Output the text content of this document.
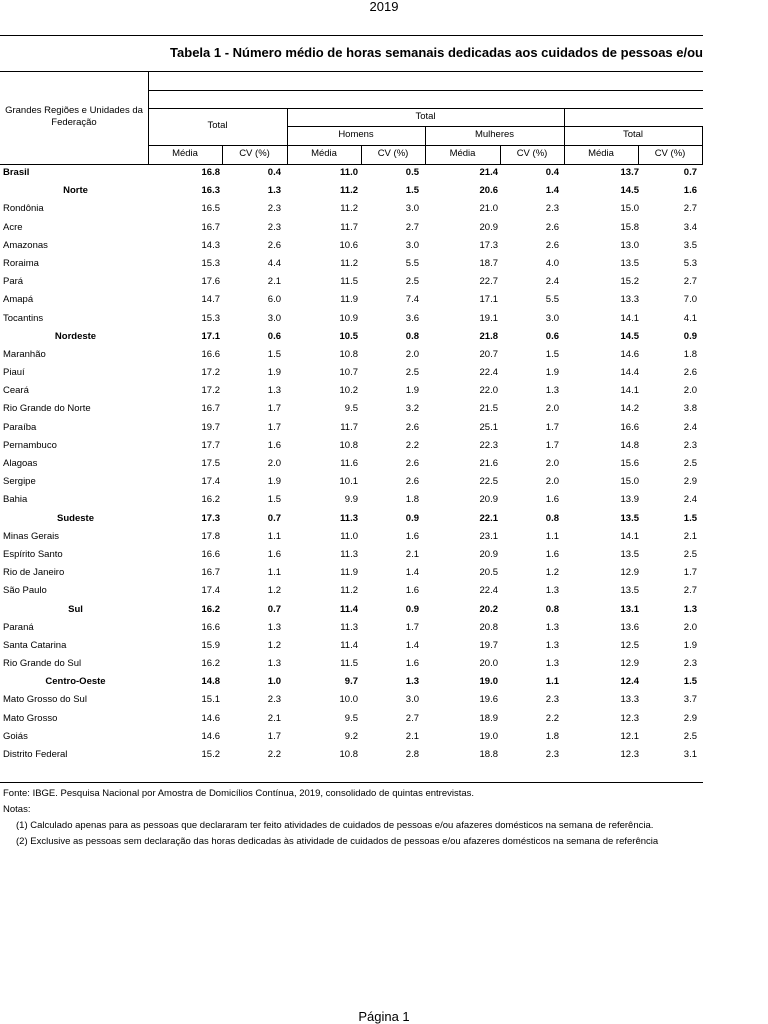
2019
Tabela 1 - Número médio de horas semanais dedicadas aos cuidados de pessoas e/ou
Grandes Regiões e Unidades da Federação	Total
Total
Homens	Mulheres	Total
Média	CV (%)	Média	CV (%)	Média	CV (%)	Média	CV (%)
Brasil	16.8	0.4	11.0	0.5	21.4	0.4	13.7	0.7
Norte	16.3	1.3	11.2	1.5	20.6	1.4	14.5	1.6
Rondônia	16.5	2.3	11.2	3.0	21.0	2.3	15.0	2.7
Acre	16.7	2.3	11.7	2.7	20.9	2.6	15.8	3.4
Amazonas	14.3	2.6	10.6	3.0	17.3	2.6	13.0	3.5
Roraima	15.3	4.4	11.2	5.5	18.7	4.0	13.5	5.3
Pará	17.6	2.1	11.5	2.5	22.7	2.4	15.2	2.7
Amapá	14.7	6.0	11.9	7.4	17.1	5.5	13.3	7.0
Tocantins	15.3	3.0	10.9	3.6	19.1	3.0	14.1	4.1
Nordeste	17.1	0.6	10.5	0.8	21.8	0.6	14.5	0.9
Maranhão	16.6	1.5	10.8	2.0	20.7	1.5	14.6	1.8
Piauí	17.2	1.9	10.7	2.5	22.4	1.9	14.4	2.6
Ceará	17.2	1.3	10.2	1.9	22.0	1.3	14.1	2.0
Rio Grande do Norte	16.7	1.7	9.5	3.2	21.5	2.0	14.2	3.8
Paraíba	19.7	1.7	11.7	2.6	25.1	1.7	16.6	2.4
Pernambuco	17.7	1.6	10.8	2.2	22.3	1.7	14.8	2.3
Alagoas	17.5	2.0	11.6	2.6	21.6	2.0	15.6	2.5
Sergipe	17.4	1.9	10.1	2.6	22.5	2.0	15.0	2.9
Bahia	16.2	1.5	9.9	1.8	20.9	1.6	13.9	2.4
Sudeste	17.3	0.7	11.3	0.9	22.1	0.8	13.5	1.5
Minas Gerais	17.8	1.1	11.0	1.6	23.1	1.1	14.1	2.1
Espírito Santo	16.6	1.6	11.3	2.1	20.9	1.6	13.5	2.5
Rio de Janeiro	16.7	1.1	11.9	1.4	20.5	1.2	12.9	1.7
São Paulo	17.4	1.2	11.2	1.6	22.4	1.3	13.5	2.7
Sul	16.2	0.7	11.4	0.9	20.2	0.8	13.1	1.3
Paraná	16.6	1.3	11.3	1.7	20.8	1.3	13.6	2.0
Santa Catarina	15.9	1.2	11.4	1.4	19.7	1.3	12.5	1.9
Rio Grande do Sul	16.2	1.3	11.5	1.6	20.0	1.3	12.9	2.3
Centro-Oeste	14.8	1.0	9.7	1.3	19.0	1.1	12.4	1.5
Mato Grosso do Sul	15.1	2.3	10.0	3.0	19.6	2.3	13.3	3.7
Mato Grosso	14.6	2.1	9.5	2.7	18.9	2.2	12.3	2.9
Goiás	14.6	1.7	9.2	2.1	19.0	1.8	12.1	2.5
Distrito Federal	15.2	2.2	10.8	2.8	18.8	2.3	12.3	3.1
Fonte: IBGE. Pesquisa Nacional por Amostra de Domicílios Contínua, 2019, consolidado de quintas entrevistas.
Notas:
(1) Calculado apenas para as pessoas que declararam ter feito atividades de cuidados de pessoas e/ou afazeres domésticos na semana de referência.
(2) Exclusive as pessoas sem declaração das horas dedicadas às atividade de cuidados de pessoas e/ou afazeres domésticos na semana de referência
Página 1
